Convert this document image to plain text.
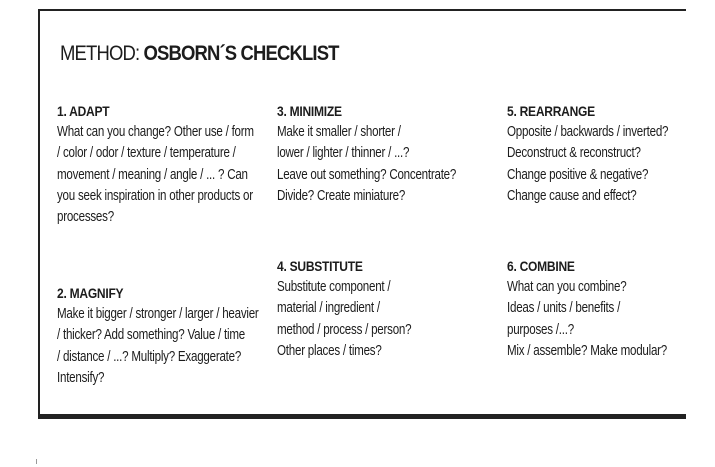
METHOD: OSBORN´S CHECKLIST
1. ADAPT
What can you change? Other use / form
/ color / odor / texture / temperature /
movement / meaning / angle / ... ? Can
you seek inspiration in other products or
processes?
2. MAGNIFY
Make it bigger / stronger / larger / heavier
/ thicker? Add something? Value / time
/ distance / ...? Multiply? Exaggerate?
Intensify?
3. MINIMIZE
Make it smaller / shorter /
lower / lighter / thinner / ...?
Leave out something? Concentrate?
Divide? Create miniature?
4. SUBSTITUTE
Substitute component /
material / ingredient /
method / process / person?
Other places / times?
5. REARRANGE
Opposite / backwards / inverted?
Deconstruct & reconstruct?
Change positive & negative?
Change cause and effect?
6. COMBINE
What can you combine?
Ideas / units / benefits /
purposes /...?
Mix / assemble? Make modular?
